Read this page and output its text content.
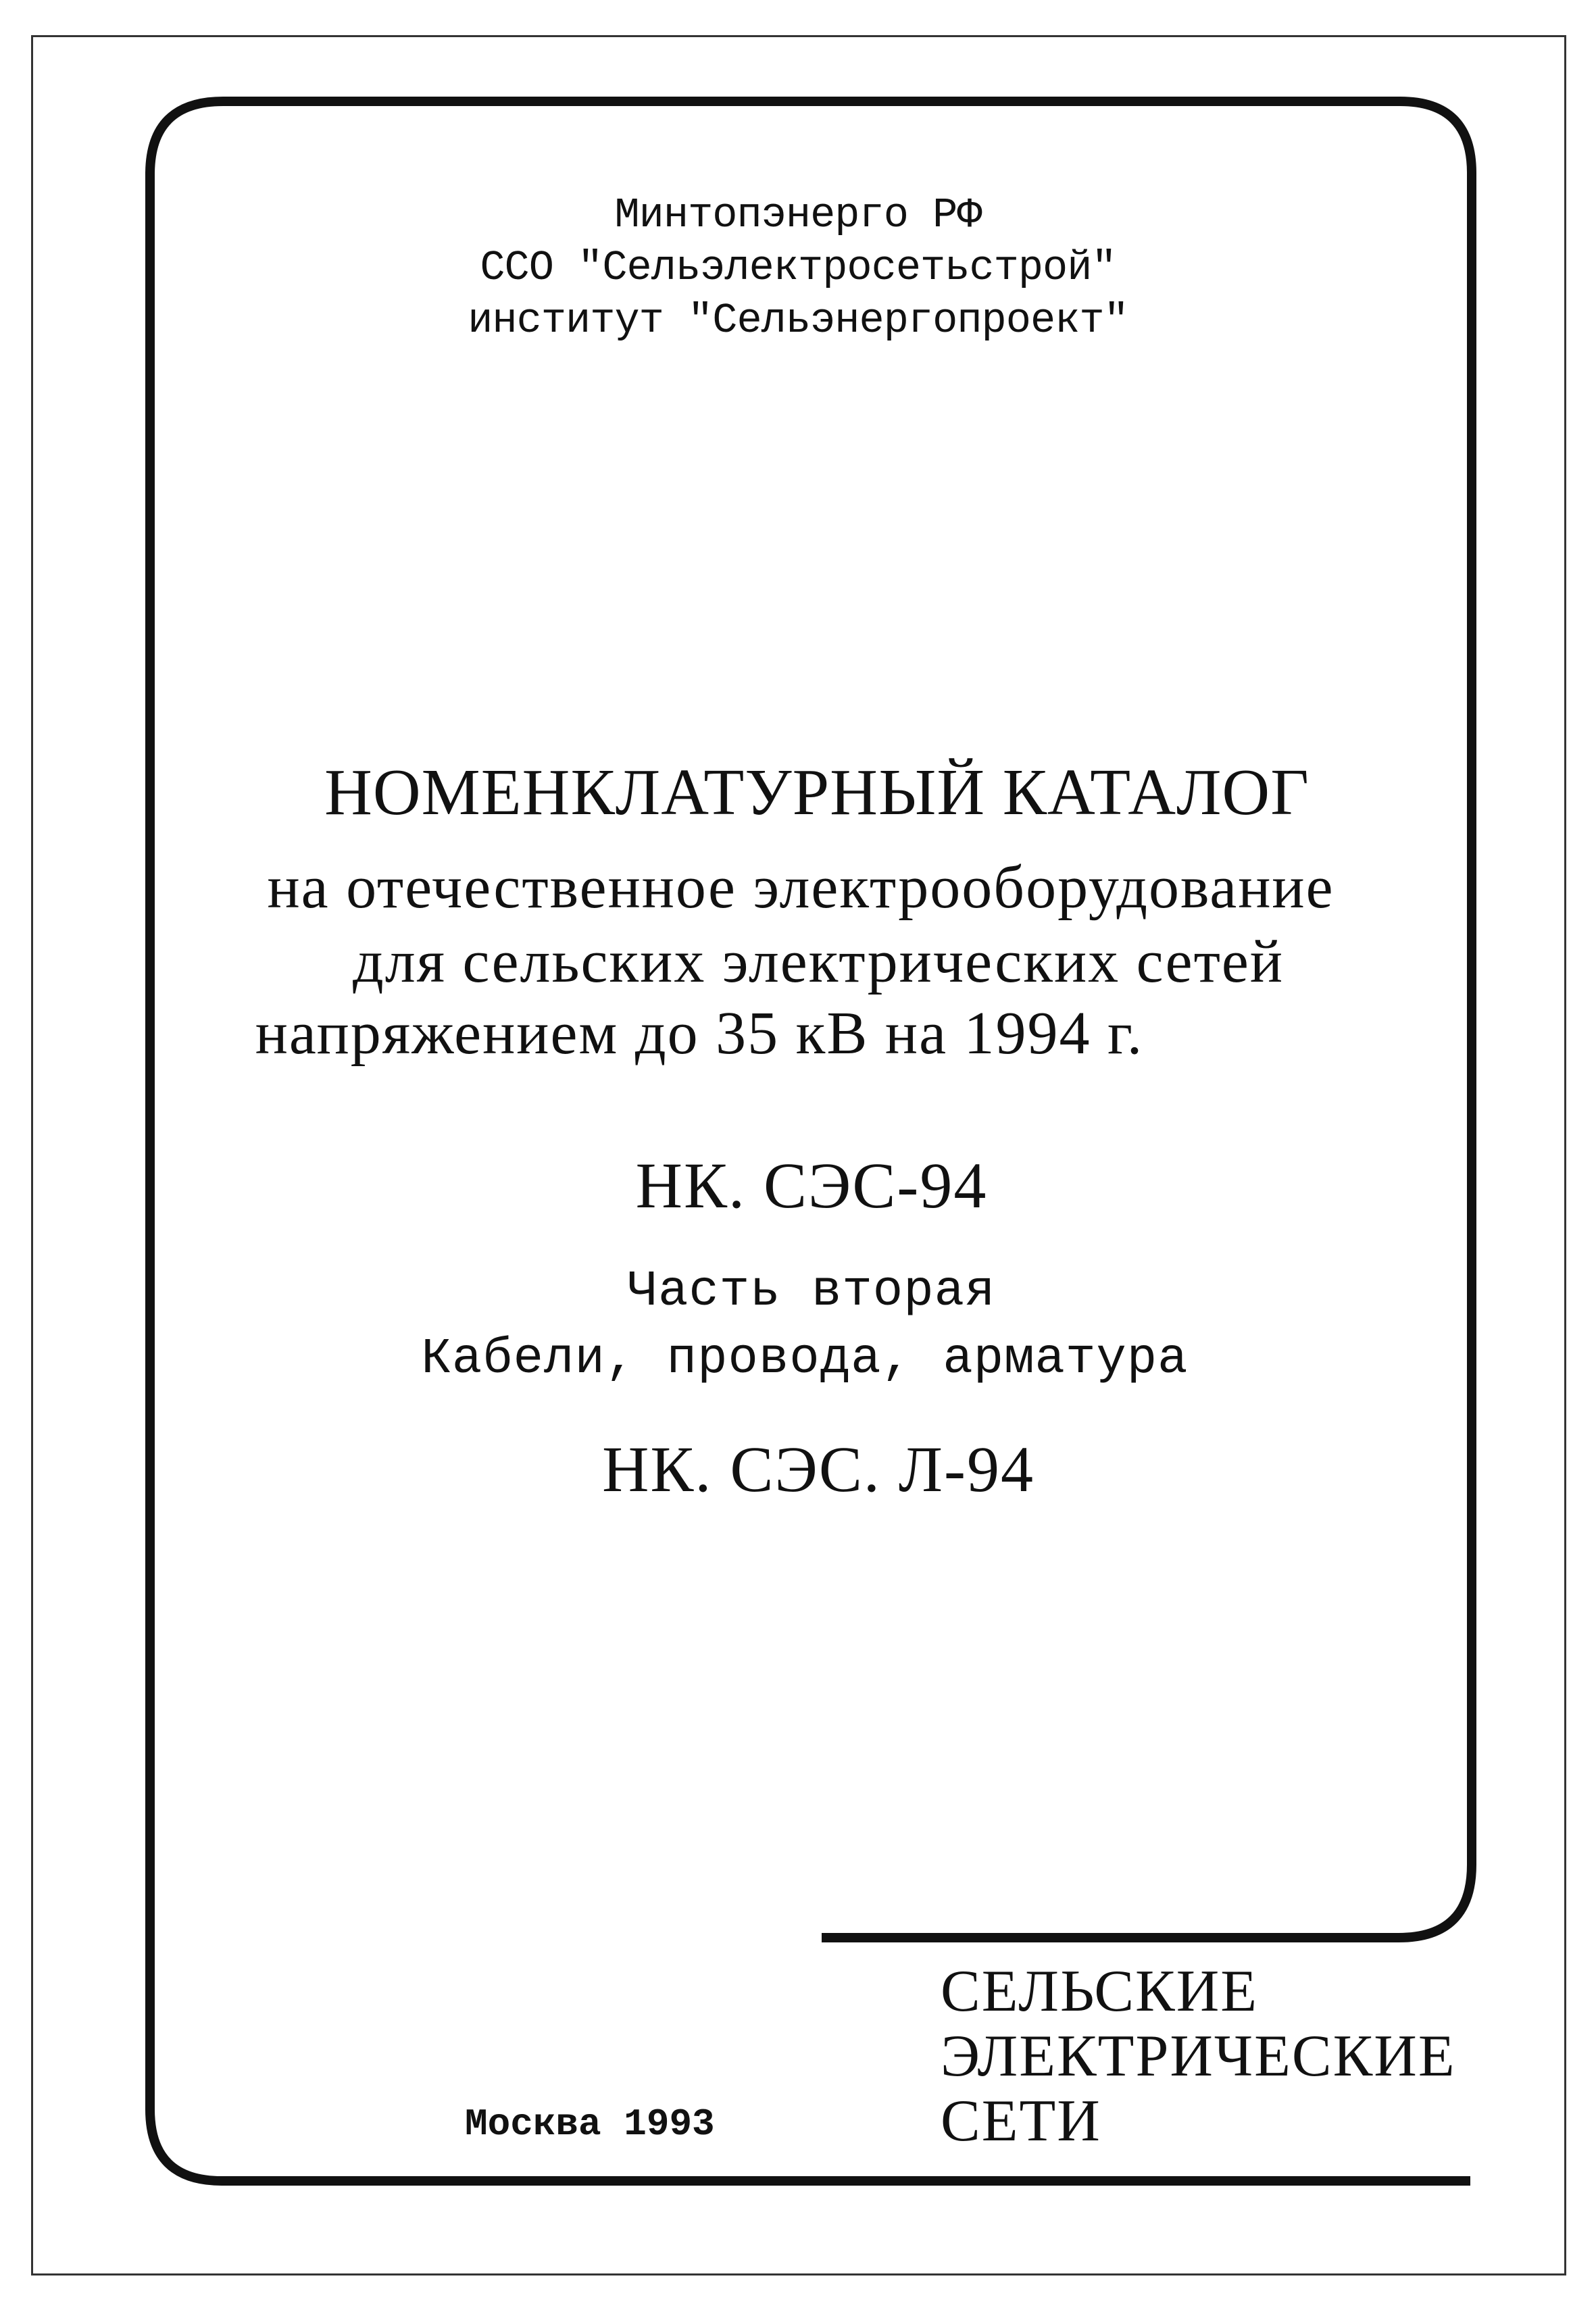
Минтопэнерго РФ
ССО "Сельэлектросетьстрой"
институт "Сельэнергопроект"
НОМЕНКЛАТУРНЫЙ КАТАЛОГ
на отечественное электрооборудование
для сельских электрических сетей
напряжением до 35 кВ на 1994 г.
НК. СЭС-94
Часть вторая
Кабели, провода, арматура
НК. СЭС. Л-94
Москва 1993
СЕЛЬСКИЕ
ЭЛЕКТРИЧЕСКИЕ
СЕТИ
